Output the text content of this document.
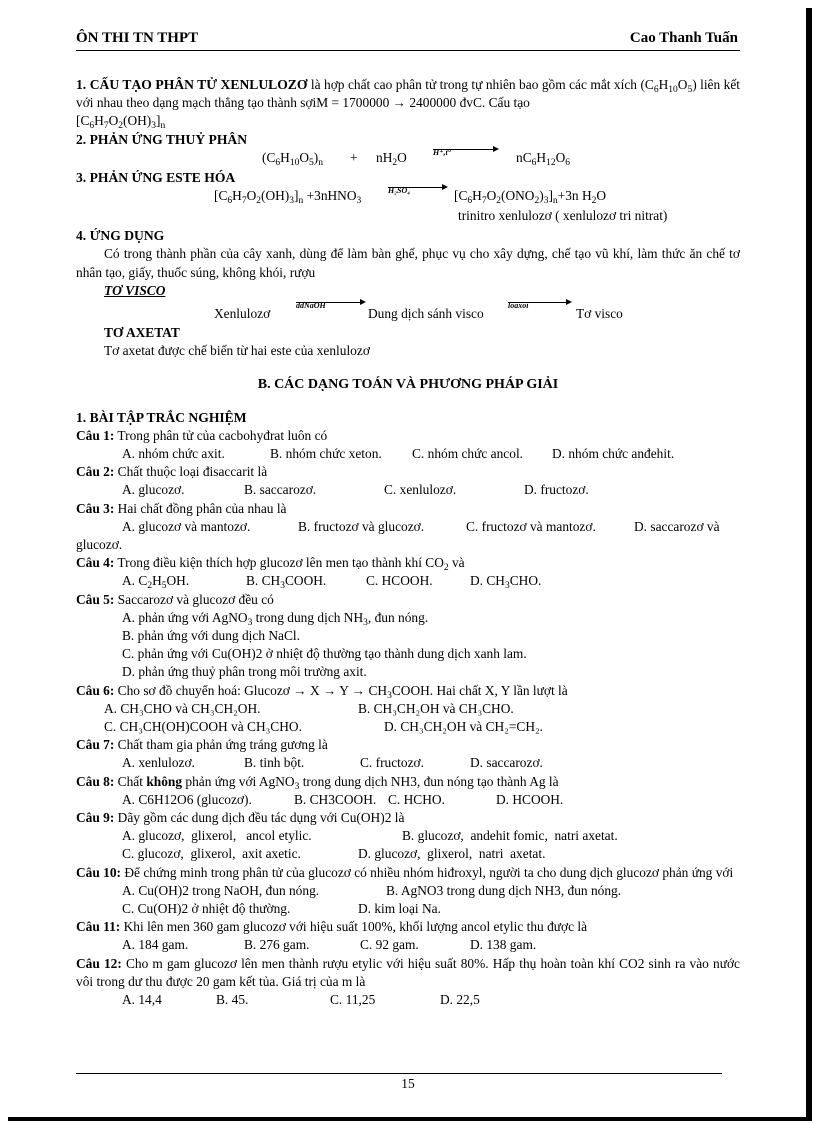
ÔN THI TN THPT	Cao Thanh Tuấn

1. CẤU TẠO PHÂN TỬ XENLULOZƠ là hợp chất cao phân tử trong tự nhiên bao gồm các mắt xích $(C_6H_{10}O_5)$ liên kết với nhau theo dạng mạch thẳng tạo thành sợiM = 1700000 → 2400000 đvC. Cấu tạo

$[C_6H_7O_2(OH)_3]_n$

2. PHẢN ỨNG THUỶ PHÂN

$(C_6H_{10}O_5)_n + nH_2O$	H⁺,t°	$nC_6H_{12}O_6$

3. PHẢN ỨNG ESTE HÓA

$[C_6H_7O_2(OH)_3]_n$ +3nHNO$_3$
H₂SO₄	$[C_6H_7O_2(ONO_2)_3]_n+3n$ $H_2O$

trinitro xenlulozơ ( xenlulozơ tri nitrat)

4. ỨNG DỤNG

Có trong thành phần của cây xanh, dùng để làm bàn ghế, phục vụ cho xây dựng, chế tạo vũ khí, làm thức ăn chế tơ nhân tạo, giấy, thuốc súng, không khói, rượu

TƠ VISCO

Xenlulozơ
ddNaOH
Dung dịch sánh visco
loaxoi
Tơ visco

TƠ AXETAT

Tơ axetat được chế biến từ hai este của xenlulozơ

B. CÁC DẠNG TOÁN VÀ PHƯƠNG PHÁP GIẢI

1. BÀI TẬP TRẮC NGHIỆM

Câu 1: Trong phân tử của cacbohyđrat luôn có

A. nhóm chức axit.	B. nhóm chức xeton. C. nhóm chức ancol. D. nhóm chức anđehit.

Câu 2: Chất thuộc loại đisaccarit là

A. glucozơ.	B. saccarozơ.	C. xenlulozơ.	D. fructozơ.

Câu 3: Hai chất đồng phân của nhau là

A. glucozơ và mantozơ.	B. fructozơ và glucozơ.	C. fructozơ và mantozơ.	D. saccarozơ và

glucozơ.

Câu 4: Trong điều kiện thích hợp glucozơ lên men tạo thành khí $CO_2$ và

A. $C_2H_5OH$.	B. $CH_3COOH$.	C. HCOOH.	D. $CH_3CHO$.

Câu 5: Saccarozơ và glucozơ đều có

A. phản ứng với AgNO$_3$ trong dung dịch $NH_3$, đun nóng.

B. phản ứng với dung dịch NaCl.

C. phản ứng với Cu(OH)2 ở nhiệt độ thường tạo thành dung dịch xanh lam.

D. phản ứng thuỷ phân trong môi trường axit.

Câu 6: Cho sơ đồ chuyển hoá: Glucozơ → $X \to Y \to CH_3COOH$. Hai chất X, Y lần lượt là

A. CH₃CHO và CH₃CH₂OH.	B. CH₃CH₂OH và CH₃CHO.
C. CH₃CH(OH)COOH và CH₃CHO.	D. CH₃CH₂OH và CH₂=CH₂.

Câu 7: Chất tham gia phản ứng tráng gương là

A. xenlulozơ.	B. tinh bột.	C. fructozơ.	D. saccarozơ.

Câu 8: Chất không phản ứng với AgNO$_3$ trong dung dịch NH3, đun nóng tạo thành Ag là

A. C6H12O6 (glucozơ).	B. CH3COOH. C. HCHO.	D. HCOOH.

Câu 9: Dãy gồm các dung dịch đều tác dụng với Cu(OH)2 là

A. glucozơ,  glixerol,   ancol etylic.	B. glucozơ,  andehit fomic,  natri axetat.
C. glucozơ,  glixerol,  axit axetic.	D. glucozơ,  glixerol,  natri  axetat.

Câu 10: Để chứng minh trong phân tử của glucozơ có nhiều nhóm hiđroxyl, người ta cho dung dịch glucozơ phản ứng với

A. Cu(OH)2 trong NaOH, đun nóng.	B. AgNO3 trong dung dịch NH3, đun nóng.
C. Cu(OH)2 ở nhiệt độ thường.	D. kim loại Na.

Câu 11: Khi lên men 360 gam glucozơ với hiệu suất 100%, khối lượng ancol etylic thu được là

A. 184 gam.	B. 276 gam.	C. 92 gam.	D. 138 gam.

Câu 12: Cho m gam glucozơ lên men thành rượu etylic với hiệu suất 80%. Hấp thụ hoàn toàn khí CO2 sinh ra vào nước vôi trong dư thu được 20 gam kết tủa. Giá trị của m là

A. 14,4	B. 45.	C. 11,25	D. 22,5
15
